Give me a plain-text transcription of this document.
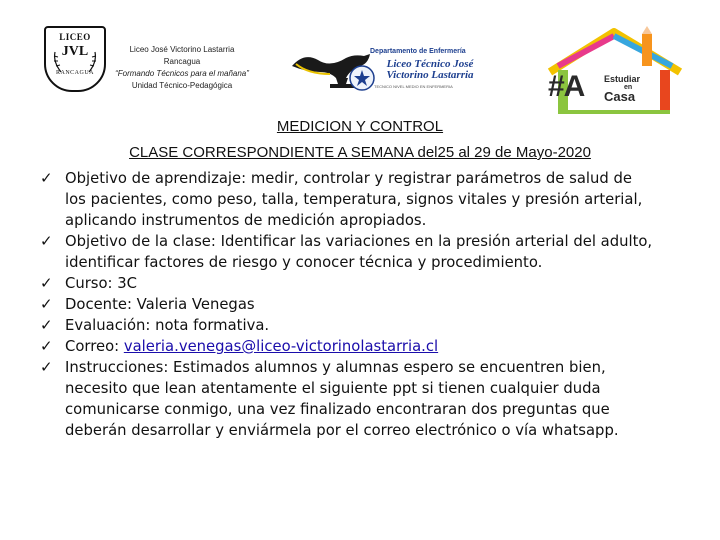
LICEO
JVL
RANCAGUA
Liceo José Victorino Lastarria
Rancagua
“Formando Técnicos para el mañana”
Unidad Técnico-Pedagógica
Departamento de Enfermería
Liceo Técnico José
Victorino Lastarria
TECNICO NIVEL MEDIO EN ENFERMERIA	#A Estudiar
en
Casa
MEDICION Y CONTROL
CLASE CORRESPONDIENTE A SEMANA del25 al 29 de Mayo-2020
✓ Objetivo de aprendizaje: medir, controlar y registrar parámetros de salud de
los pacientes, como peso, talla, temperatura, signos vitales y presión arterial,
aplicando instrumentos de medición apropiados.
✓ Objetivo de la clase: Identificar las variaciones en la presión arterial del adulto,
identificar factores de riesgo y conocer técnica y procedimiento.
✓ Curso: 3C
✓ Docente: Valeria Venegas
✓ Evaluación: nota formativa.
✓ Correo: valeria.venegas@liceo-victorinolastarria.cl
✓ Instrucciones: Estimados alumnos y alumnas espero se encuentren bien,
necesito que lean atentamente el siguiente ppt si tienen cualquier duda
comunicarse conmigo, una vez finalizado encontraran dos preguntas que
deberán desarrollar y enviármela por el correo electrónico o vía whatsapp.
